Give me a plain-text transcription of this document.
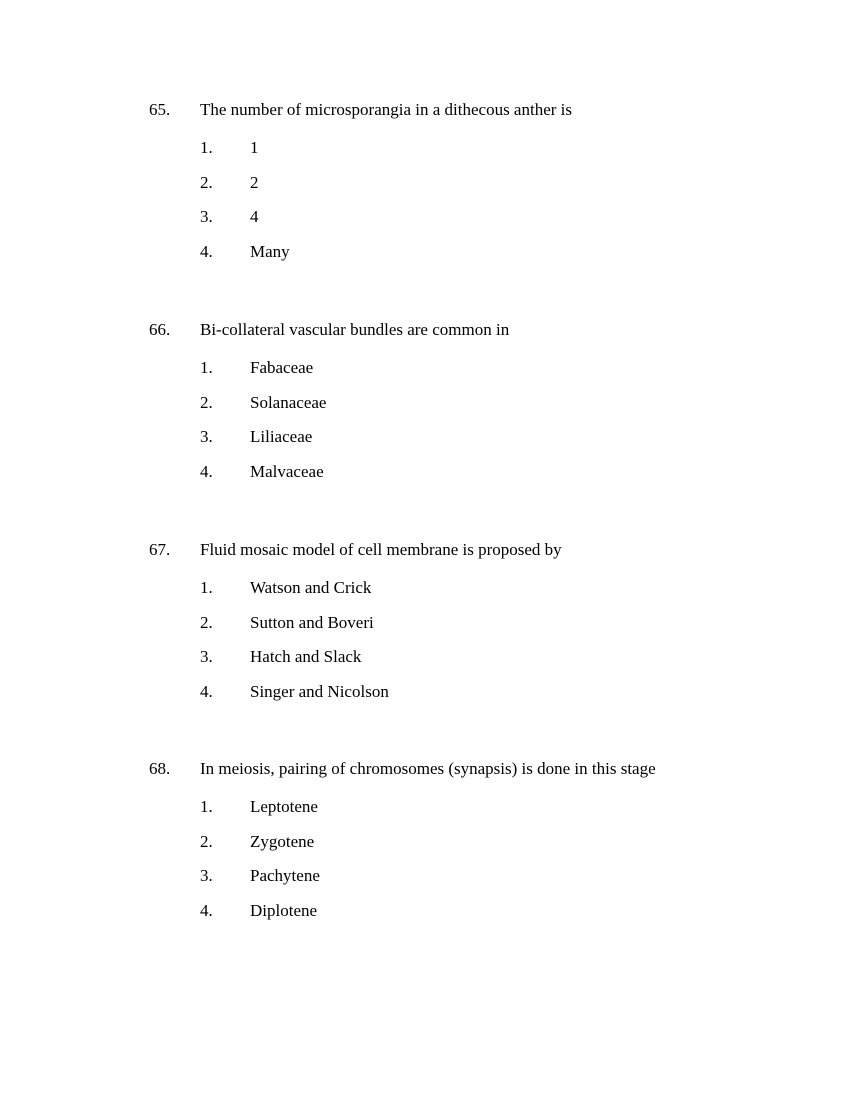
65. The number of microsporangia in a dithecous anther is
1. 1
2. 2
3. 4
4. Many
66. Bi-collateral vascular bundles are common in
1. Fabaceae
2. Solanaceae
3. Liliaceae
4. Malvaceae
67. Fluid mosaic model of cell membrane is proposed by
1. Watson and Crick
2. Sutton and Boveri
3. Hatch and Slack
4. Singer and Nicolson
68. In meiosis, pairing of chromosomes (synapsis) is done in this stage
1. Leptotene
2. Zygotene
3. Pachytene
4. Diplotene
